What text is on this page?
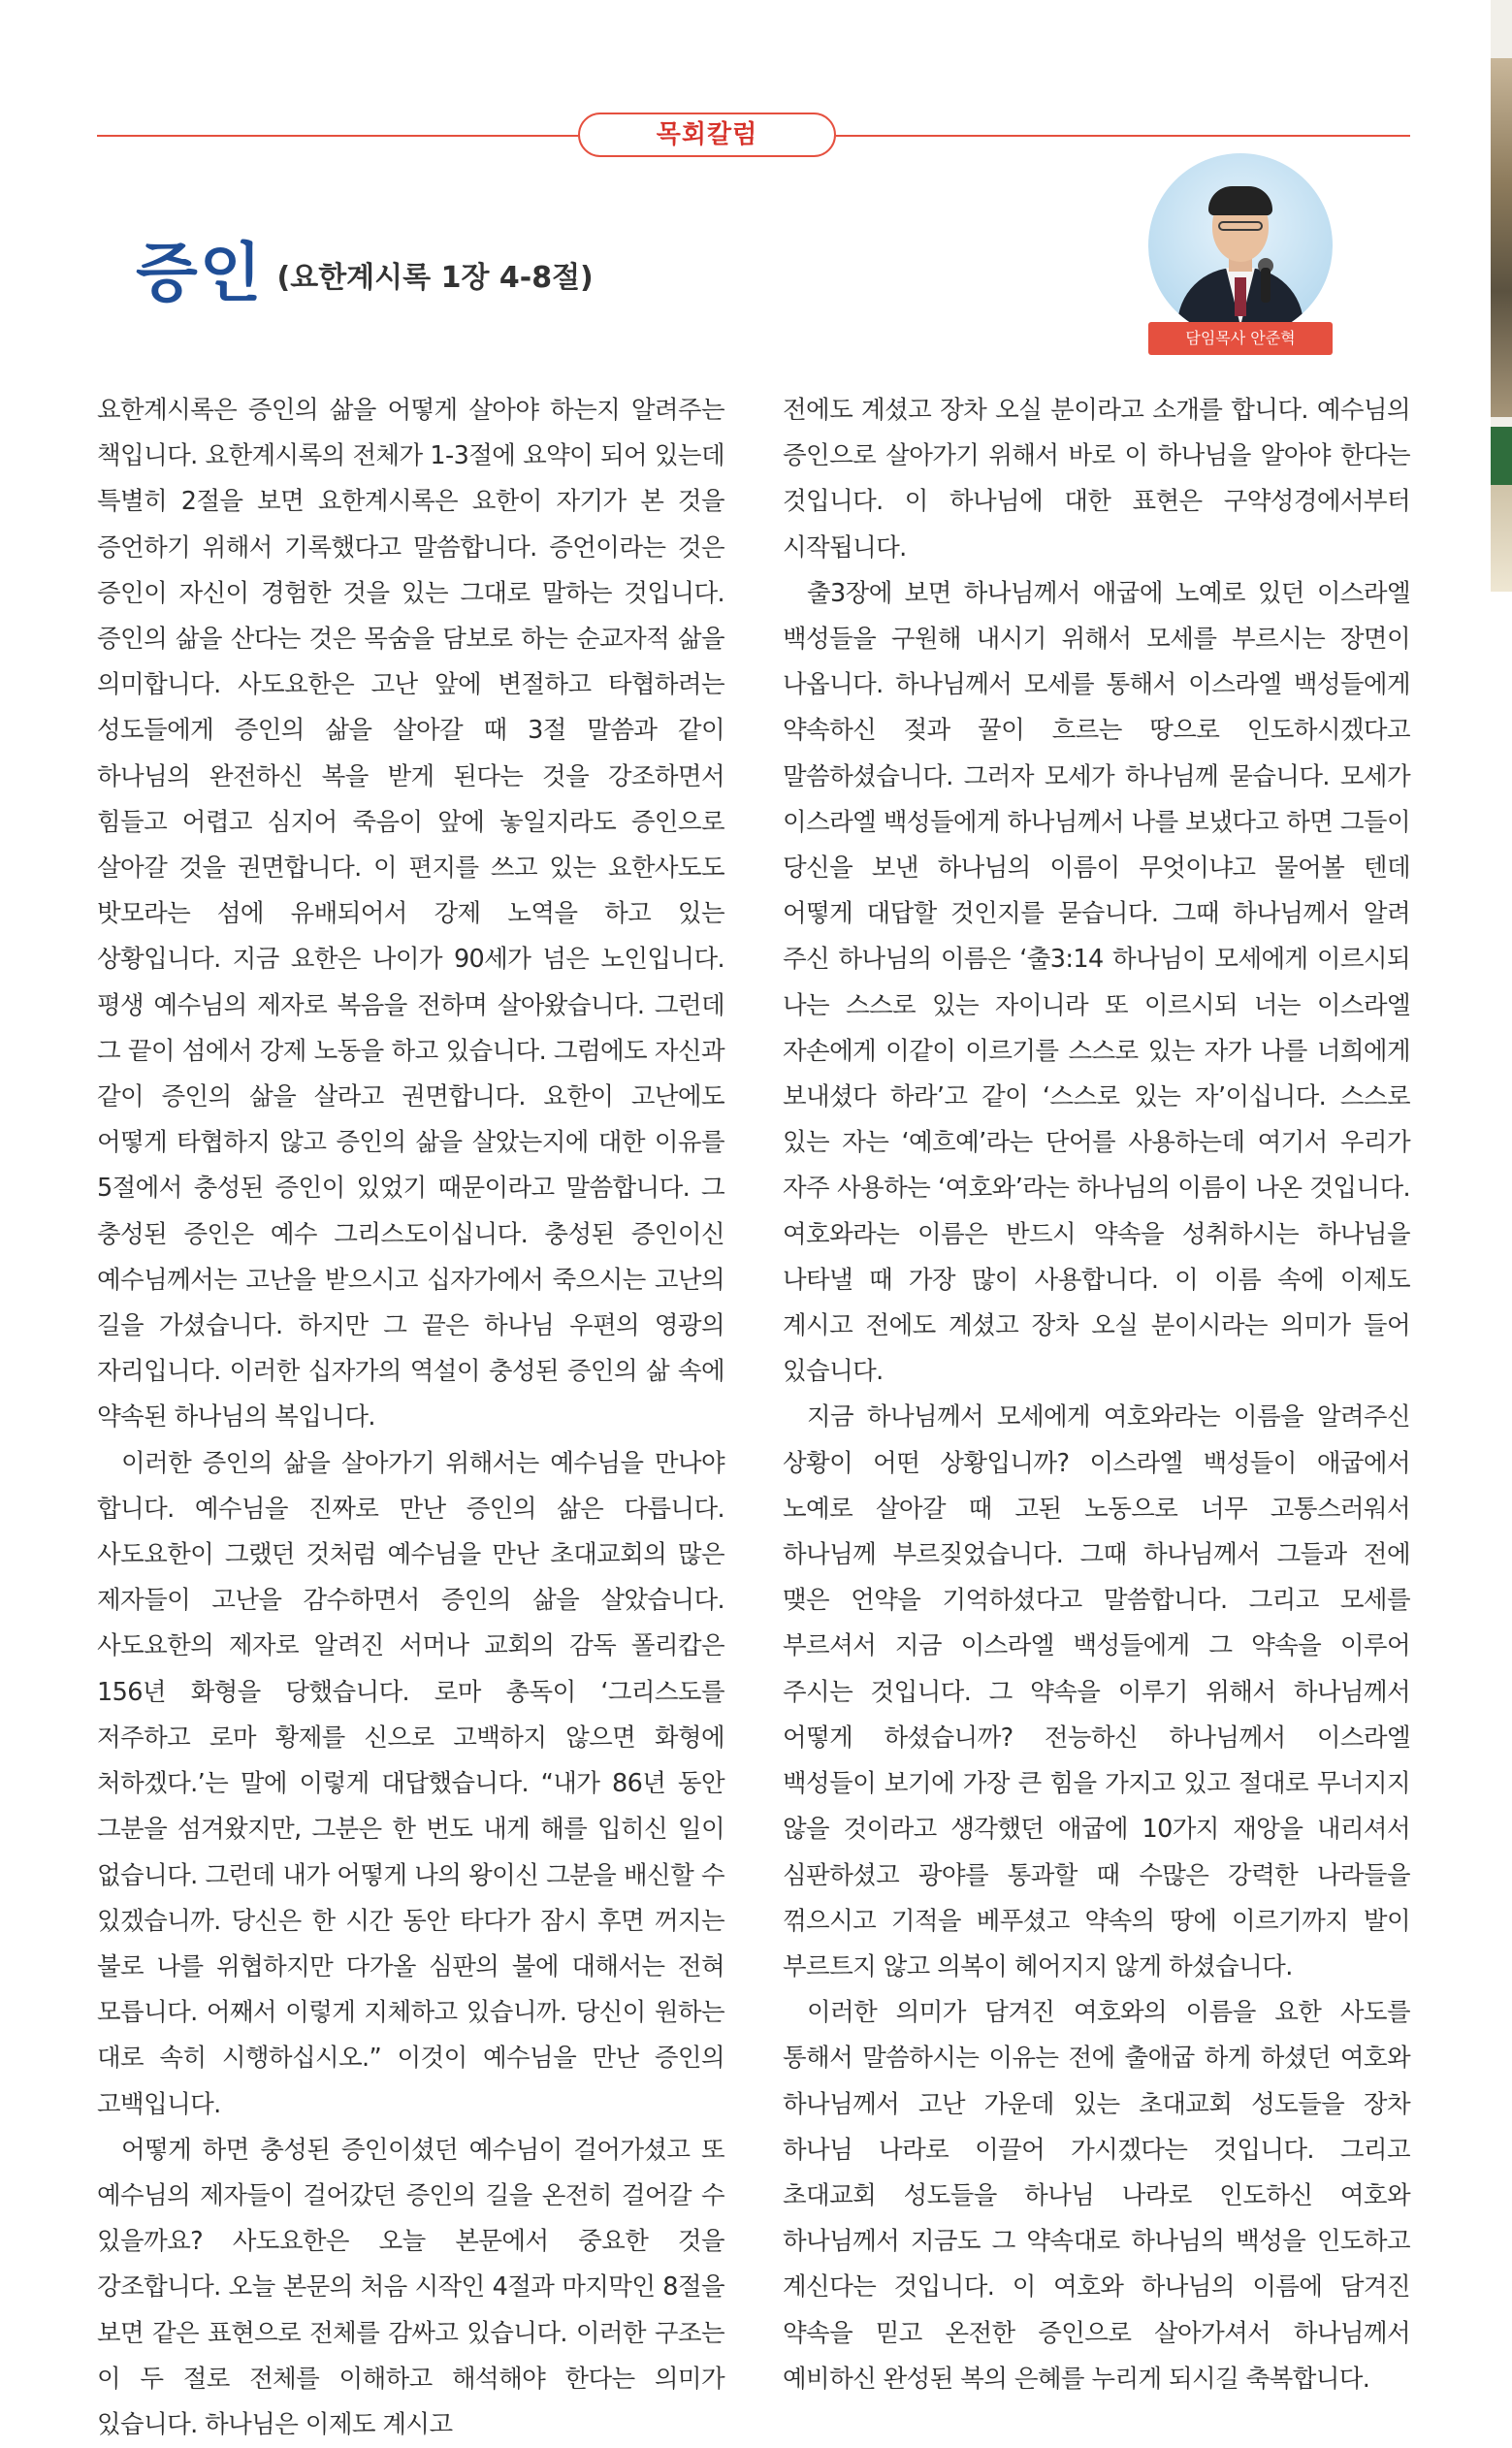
목회칼럼
증인 (요한계시록 1장 4-8절)
담임목사 안준혁

요한계시록은 증인의 삶을 어떻게 살아야 하는지 알려주는 책입니다. 요한계시록의 전체가 1-3절에 요약이 되어 있는데 특별히 2절을 보면 요한계시록은 요한이 자기가 본 것을 증언하기 위해서 기록했다고 말씀합니다. 증언이라는 것은 증인이 자신이 경험한 것을 있는 그대로 말하는 것입니다. 증인의 삶을 산다는 것은 목숨을 담보로 하는 순교자적 삶을 의미합니다. 사도요한은 고난 앞에 변절하고 타협하려는 성도들에게 증인의 삶을 살아갈 때 3절 말씀과 같이 하나님의 완전하신 복을 받게 된다는 것을 강조하면서 힘들고 어렵고 심지어 죽음이 앞에 놓일지라도 증인으로 살아갈 것을 권면합니다. 이 편지를 쓰고 있는 요한사도도 밧모라는 섬에 유배되어서 강제 노역을 하고 있는 상황입니다. 지금 요한은 나이가 90세가 넘은 노인입니다. 평생 예수님의 제자로 복음을 전하며 살아왔습니다. 그런데 그 끝이 섬에서 강제 노동을 하고 있습니다. 그럼에도 자신과 같이 증인의 삶을 살라고 권면합니다. 요한이 고난에도 어떻게 타협하지 않고 증인의 삶을 살았는지에 대한 이유를 5절에서 충성된 증인이 있었기 때문이라고 말씀합니다. 그 충성된 증인은 예수 그리스도이십니다. 충성된 증인이신 예수님께서는 고난을 받으시고 십자가에서 죽으시는 고난의 길을 가셨습니다. 하지만 그 끝은 하나님 우편의 영광의 자리입니다. 이러한 십자가의 역설이 충성된 증인의 삶 속에 약속된 하나님의 복입니다.

이러한 증인의 삶을 살아가기 위해서는 예수님을 만나야 합니다. 예수님을 진짜로 만난 증인의 삶은 다릅니다. 사도요한이 그랬던 것처럼 예수님을 만난 초대교회의 많은 제자들이 고난을 감수하면서 증인의 삶을 살았습니다. 사도요한의 제자로 알려진 서머나 교회의 감독 폴리캅은 156년 화형을 당했습니다. 로마 총독이 ‘그리스도를 저주하고 로마 황제를 신으로 고백하지 않으면 화형에 처하겠다.’는 말에 이렇게 대답했습니다. “내가 86년 동안 그분을 섬겨왔지만, 그분은 한 번도 내게 해를 입히신 일이 없습니다. 그런데 내가 어떻게 나의 왕이신 그분을 배신할 수 있겠습니까. 당신은 한 시간 동안 타다가 잠시 후면 꺼지는 불로 나를 위협하지만 다가올 심판의 불에 대해서는 전혀 모릅니다. 어째서 이렇게 지체하고 있습니까. 당신이 원하는 대로 속히 시행하십시오.” 이것이 예수님을 만난 증인의 고백입니다.

어떻게 하면 충성된 증인이셨던 예수님이 걸어가셨고 또 예수님의 제자들이 걸어갔던 증인의 길을 온전히 걸어갈 수 있을까요? 사도요한은 오늘 본문에서 중요한 것을 강조합니다. 오늘 본문의 처음 시작인 4절과 마지막인 8절을 보면 같은 표현으로 전체를 감싸고 있습니다. 이러한 구조는 이 두 절로 전체를 이해하고 해석해야 한다는 의미가 있습니다. 하나님은 이제도 계시고

전에도 계셨고 장차 오실 분이라고 소개를 합니다. 예수님의 증인으로 살아가기 위해서 바로 이 하나님을 알아야 한다는 것입니다. 이 하나님에 대한 표현은 구약성경에서부터 시작됩니다.

출3장에 보면 하나님께서 애굽에 노예로 있던 이스라엘 백성들을 구원해 내시기 위해서 모세를 부르시는 장면이 나옵니다. 하나님께서 모세를 통해서 이스라엘 백성들에게 약속하신 젖과 꿀이 흐르는 땅으로 인도하시겠다고 말씀하셨습니다. 그러자 모세가 하나님께 묻습니다. 모세가 이스라엘 백성들에게 하나님께서 나를 보냈다고 하면 그들이 당신을 보낸 하나님의 이름이 무엇이냐고 물어볼 텐데 어떻게 대답할 것인지를 묻습니다. 그때 하나님께서 알려 주신 하나님의 이름은 ‘출3:14 하나님이 모세에게 이르시되 나는 스스로 있는 자이니라 또 이르시되 너는 이스라엘 자손에게 이같이 이르기를 스스로 있는 자가 나를 너희에게 보내셨다 하라’고 같이 ‘스스로 있는 자’이십니다. 스스로 있는 자는 ‘예흐예’라는 단어를 사용하는데 여기서 우리가 자주 사용하는 ‘여호와’라는 하나님의 이름이 나온 것입니다. 여호와라는 이름은 반드시 약속을 성취하시는 하나님을 나타낼 때 가장 많이 사용합니다. 이 이름 속에 이제도 계시고 전에도 계셨고 장차 오실 분이시라는 의미가 들어 있습니다.

지금 하나님께서 모세에게 여호와라는 이름을 알려주신 상황이 어떤 상황입니까? 이스라엘 백성들이 애굽에서 노예로 살아갈 때 고된 노동으로 너무 고통스러워서 하나님께 부르짖었습니다. 그때 하나님께서 그들과 전에 맺은 언약을 기억하셨다고 말씀합니다. 그리고 모세를 부르셔서 지금 이스라엘 백성들에게 그 약속을 이루어 주시는 것입니다. 그 약속을 이루기 위해서 하나님께서 어떻게 하셨습니까? 전능하신 하나님께서 이스라엘 백성들이 보기에 가장 큰 힘을 가지고 있고 절대로 무너지지 않을 것이라고 생각했던 애굽에 10가지 재앙을 내리셔서 심판하셨고 광야를 통과할 때 수많은 강력한 나라들을 꺾으시고 기적을 베푸셨고 약속의 땅에 이르기까지 발이 부르트지 않고 의복이 헤어지지 않게 하셨습니다.

이러한 의미가 담겨진 여호와의 이름을 요한 사도를 통해서 말씀하시는 이유는 전에 출애굽 하게 하셨던 여호와 하나님께서 고난 가운데 있는 초대교회 성도들을 장차 하나님 나라로 이끌어 가시겠다는 것입니다. 그리고 초대교회 성도들을 하나님 나라로 인도하신 여호와 하나님께서 지금도 그 약속대로 하나님의 백성을 인도하고 계신다는 것입니다. 이 여호와 하나님의 이름에 담겨진 약속을 믿고 온전한 증인으로 살아가셔서 하나님께서 예비하신 완성된 복의 은혜를 누리게 되시길 축복합니다.
